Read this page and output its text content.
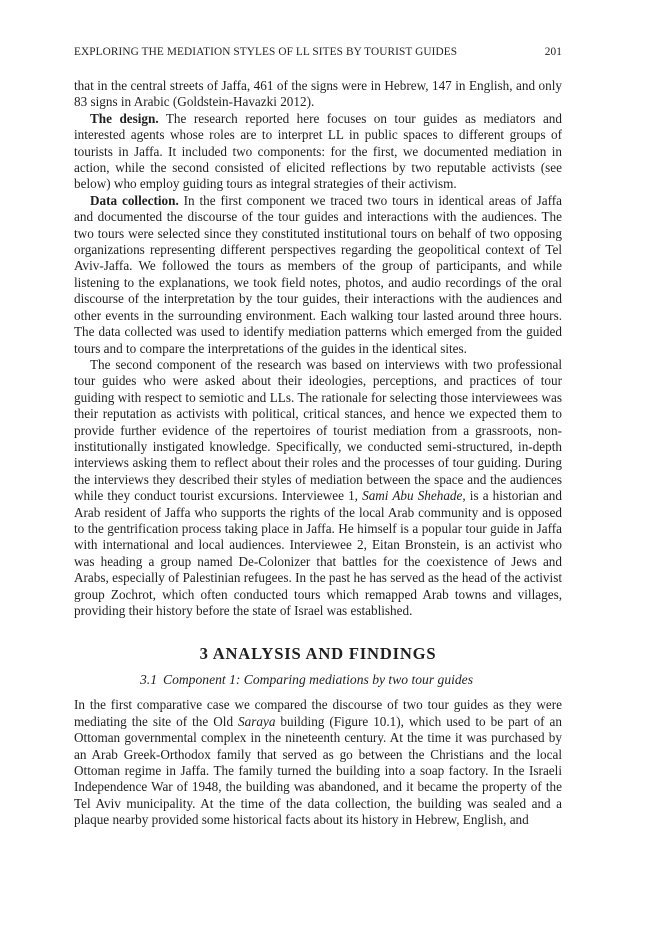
EXPLORING THE MEDIATION STYLES OF LL SITES BY TOURIST GUIDES	201

that in the central streets of Jaffa, 461 of the signs were in Hebrew, 147 in English, and only 83 signs in Arabic (Goldstein-Havazki 2012).

The design. The research reported here focuses on tour guides as mediators and interested agents whose roles are to interpret LL in public spaces to different groups of tourists in Jaffa. It included two components: for the first, we documented mediation in action, while the second consisted of elicited reflections by two reputable activists (see below) who employ guiding tours as integral strategies of their activism.

Data collection. In the first component we traced two tours in identical areas of Jaffa and documented the discourse of the tour guides and interactions with the audiences. The two tours were selected since they constituted institutional tours on behalf of two opposing organizations representing different perspectives regarding the geopolitical context of Tel Aviv-Jaffa. We followed the tours as members of the group of participants, and while listening to the explanations, we took field notes, photos, and audio recordings of the oral discourse of the interpretation by the tour guides, their interactions with the audiences and other events in the surrounding environment. Each walking tour lasted around three hours. The data collected was used to identify mediation patterns which emerged from the guided tours and to compare the interpretations of the guides in the identical sites.

The second component of the research was based on interviews with two professional tour guides who were asked about their ideologies, perceptions, and practices of tour guiding with respect to semiotic and LLs. The rationale for selecting those interviewees was their reputation as activists with political, critical stances, and hence we expected them to provide further evidence of the repertoires of tourist mediation from a grassroots, non-institutionally instigated knowledge. Specifically, we conducted semi-structured, in-depth interviews asking them to reflect about their roles and the processes of tour guiding. During the interviews they described their styles of mediation between the space and the audiences while they conduct tourist excursions. Interviewee 1, Sami Abu Shehade, is a historian and Arab resident of Jaffa who supports the rights of the local Arab community and is opposed to the gentrification process taking place in Jaffa. He himself is a popular tour guide in Jaffa with international and local audiences. Interviewee 2, Eitan Bronstein, is an activist who was heading a group named De-Colonizer that battles for the coexistence of Jews and Arabs, especially of Palestinian refugees. In the past he has served as the head of the activist group Zochrot, which often conducted tours which remapped Arab towns and villages, providing their history before the state of Israel was established.

3 ANALYSIS AND FINDINGS
3.1 Component 1: Comparing mediations by two tour guides

In the first comparative case we compared the discourse of two tour guides as they were mediating the site of the Old Saraya building (Figure 10.1), which used to be part of an Ottoman governmental complex in the nineteenth century. At the time it was purchased by an Arab Greek-Orthodox family that served as go between the Christians and the local Ottoman regime in Jaffa. The family turned the building into a soap factory. In the Israeli Independence War of 1948, the building was abandoned, and it became the property of the Tel Aviv municipality. At the time of the data collection, the building was sealed and a plaque nearby provided some historical facts about its history in Hebrew, English, and
